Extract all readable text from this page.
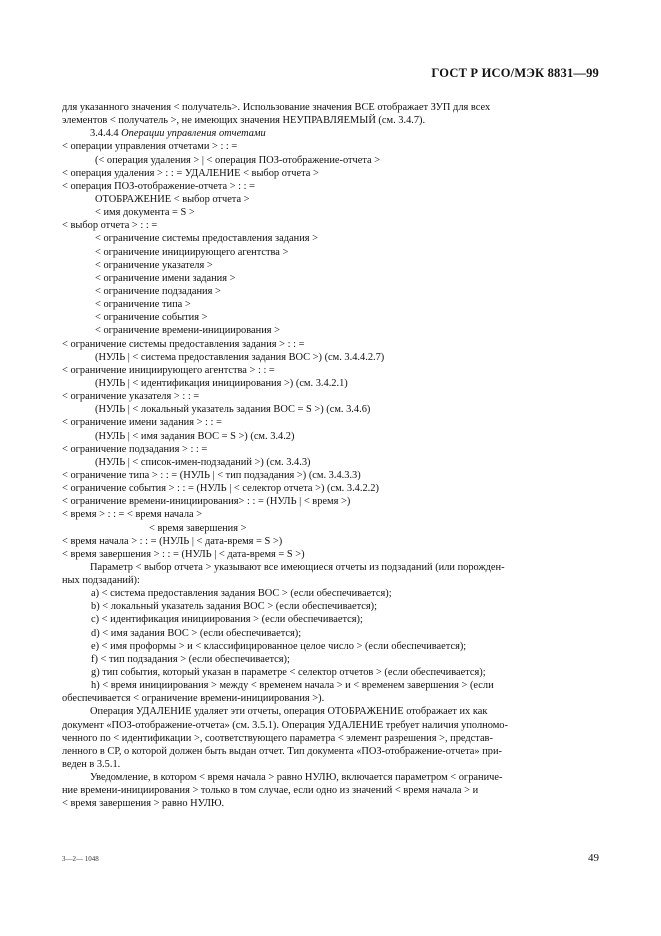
ГОСТ Р ИСО/МЭК 8831—99
для указанного значения < получатель>. Использование значения ВСЕ отображает ЗУП для всех
элементов < получатель >, не имеющих значения НЕУПРАВЛЯЕМЫЙ (см. 3.4.7).
3.4.4.4 Операции управления отчетами
< операции управления отчетами > : : =
(< операция удаления > | < операция ПОЗ-отображение-отчета >
< операция удаления > : : = УДАЛЕНИЕ < выбор отчета >
< операция ПОЗ-отображение-отчета > : : =
ОТОБРАЖЕНИЕ < выбор отчета >
< имя документа = S >
< выбор отчета > : : =
< ограничение системы предоставления задания >
< ограничение инициирующего агентства >
< ограничение указателя >
< ограничение имени задания >
< ограничение подзадания >
< ограничение типа >
< ограничение события >
< ограничение времени-инициирования >
< ограничение системы предоставления задания > : : =
(НУЛЬ | < система предоставления задания ВОС >) (см. 3.4.4.2.7)
< ограничение инициирующего агентства > : : =
(НУЛЬ | < идентификация инициирования >) (см. 3.4.2.1)
< ограничение указателя > : : =
(НУЛЬ | < локальный указатель задания ВОС = S >) (см. 3.4.6)
< ограничение имени задания > : : =
(НУЛЬ | < имя задания ВОС = S >) (см. 3.4.2)
< ограничение подзадания > : : =
(НУЛЬ | < список-имен-подзаданий >) (см. 3.4.3)
< ограничение типа > : : = (НУЛЬ | < тип подзадания >) (см. 3.4.3.3)
< ограничение события > : : = (НУЛЬ | < селектор отчета >) (см. 3.4.2.2)
< ограничение времени-инициирования> : : = (НУЛЬ | < время >)
< время > : : = < время начала >
< время завершения >
< время начала > : : = (НУЛЬ | < дата-время = S >)
< время завершения > : : = (НУЛЬ | < дата-время = S >)
Параметр < выбор отчета > указывают все имеющиеся отчеты из подзаданий (или порожден-
ных подзаданий):
a) < система предоставления задания ВОС > (если обеспечивается);
b) < локальный указатель задания ВОС > (если обеспечивается);
c) < идентификация инициирования > (если обеспечивается);
d) < имя задания ВОС > (если обеспечивается);
e) < имя проформы > и < классифицированное целое число > (если обеспечивается);
f) < тип подзадания > (если обеспечивается);
g) тип события, который указан в параметре < селектор отчетов > (если обеспечивается);
h) < время инициирования > между < временем начала > и < временем завершения > (если
обеспечивается < ограничение времени-инициирования >).
Операция УДАЛЕНИЕ удаляет эти отчеты, операция ОТОБРАЖЕНИЕ отображает их как
документ «ПОЗ-отображение-отчета» (см. 3.5.1). Операция УДАЛЕНИЕ требует наличия уполномо-
ченного по < идентификации >, соответствующего параметра < элемент разрешения >, представ-
ленного в СР, о которой должен быть выдан отчет. Тип документа «ПОЗ-отображение-отчета» при-
веден в 3.5.1.
Уведомление, в котором < время начала > равно НУЛЮ, включается параметром < ограниче-
ние времени-инициирования > только в том случае, если одно из значений < время начала > и
< время завершения > равно НУЛЮ.
3—2— 1048	49
